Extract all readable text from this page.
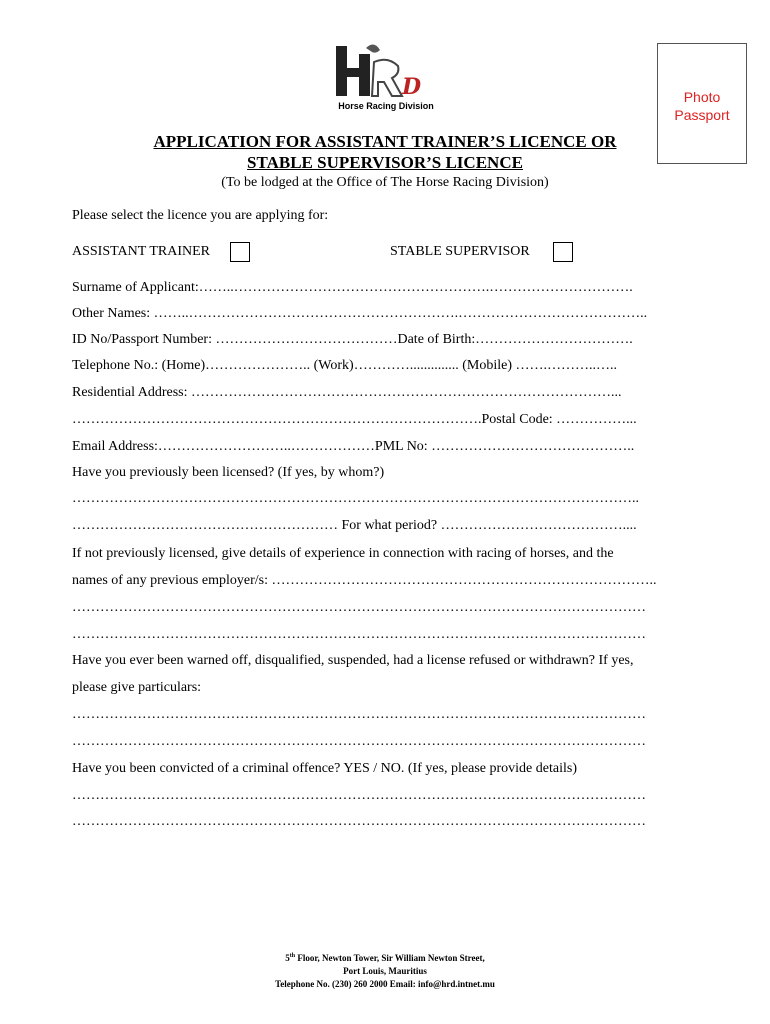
D
Horse Racing Division
Photo
Passport
APPLICATION FOR ASSISTANT TRAINER’S LICENCE OR
STABLE SUPERVISOR’S LICENCE
(To be lodged at the Office of The Horse Racing Division)
Please select the licence you are applying for:
ASSISTANT TRAINER	STABLE SUPERVISOR
Surname of Applicant:……..……………………………………………….………………………….
Other Names: ……..………………………………………………….…………………………………..
ID No/Passport Number: …………………………………Date of Birth:…………………………….
Telephone No.: (Home)………………….. (Work)………….............. (Mobile) …….………..…..
Residential Address: ………………………………………………………………………………...
…………………………………………………………………………….Postal Code: ……………...
Email Address:………………………..………………PML No: ……………………………………..
Have you previously been licensed? (If yes, by whom?)
…………………………………………………………………………………………………………..
………………………………………………… For what period? …………………………………....
If not previously licensed, give details of experience in connection with racing of horses, and the
names of any previous employer/s: ………………………………………………………………………..
……………………………………………………………………………………………………………
……………………………………………………………………………………………………………
Have you ever been warned off, disqualified, suspended, had a license refused or withdrawn? If yes,
please give particulars:
……………………………………………………………………………………………………………
……………………………………………………………………………………………………………
Have you been convicted of a criminal offence? YES / NO. (If yes, please provide details)
……………………………………………………………………………………………………………
……………………………………………………………………………………………………………
5th Floor, Newton Tower, Sir William Newton Street,
Port Louis, Mauritius
Telephone No. (230) 260 2000 Email: info@hrd.intnet.mu
